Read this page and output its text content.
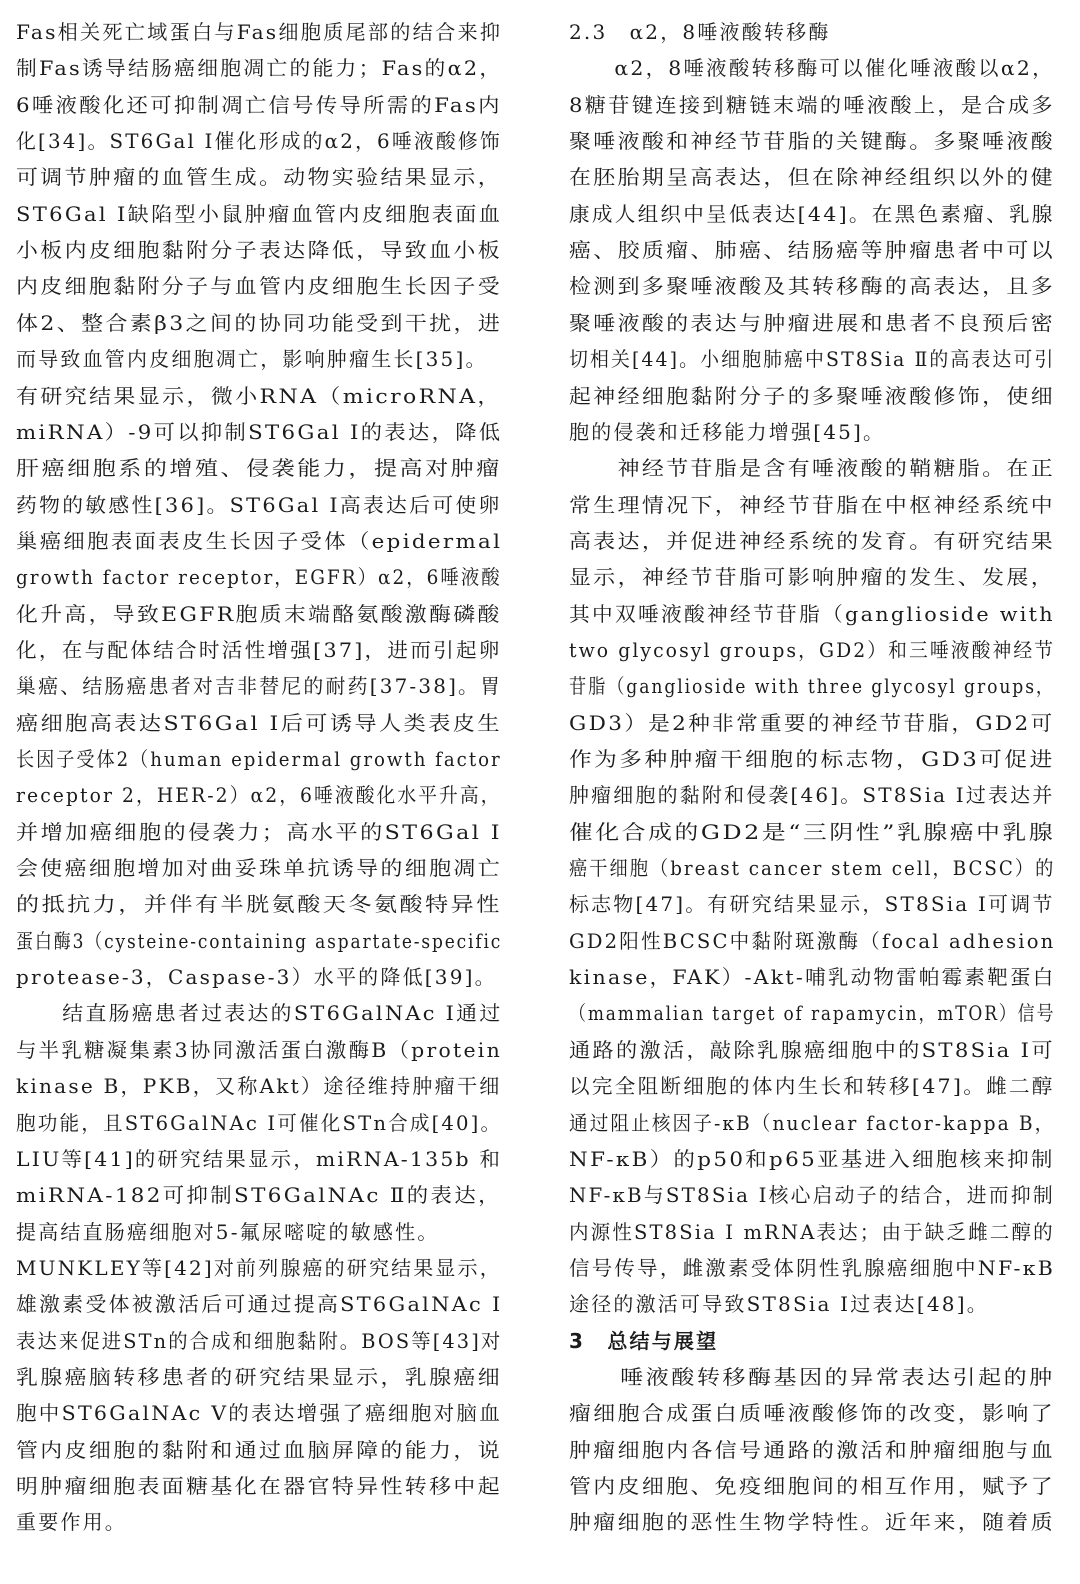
Fas相关死亡域蛋白与Fas细胞质尾部的结合来抑
制Fas诱导结肠癌细胞凋亡的能力；Fas的α2，
6唾液酸化还可抑制凋亡信号传导所需的Fas内
化[34]。ST6Gal Ⅰ催化形成的α2，6唾液酸修饰
可调节肿瘤的血管生成。动物实验结果显示，
ST6Gal Ⅰ缺陷型小鼠肿瘤血管内皮细胞表面血
小板内皮细胞黏附分子表达降低，导致血小板
内皮细胞黏附分子与血管内皮细胞生长因子受
体2、整合素β3之间的协同功能受到干扰，进
而导致血管内皮细胞凋亡，影响肿瘤生长[35]。
有研究结果显示，微小RNA（microRNA，
miRNA）-9可以抑制ST6Gal Ⅰ的表达，降低
肝癌细胞系的增殖、侵袭能力，提高对肿瘤
药物的敏感性[36]。ST6Gal Ⅰ高表达后可使卵
巢癌细胞表面表皮生长因子受体（epidermal
growth factor receptor，EGFR）α2，6唾液酸
化升高，导致EGFR胞质末端酪氨酸激酶磷酸
化，在与配体结合时活性增强[37]，进而引起卵
巢癌、结肠癌患者对吉非替尼的耐药[37-38]。胃
癌细胞高表达ST6Gal Ⅰ后可诱导人类表皮生
长因子受体2（human epidermal growth factor
receptor 2，HER-2）α2，6唾液酸化水平升高，
并增加癌细胞的侵袭力；高水平的ST6Gal Ⅰ
会使癌细胞增加对曲妥珠单抗诱导的细胞凋亡
的抵抗力，并伴有半胱氨酸天冬氨酸特异性
蛋白酶3（cysteine-containing aspartate-specific
protease-3，Caspase-3）水平的降低[39]。
　　结直肠癌患者过表达的ST6GalNAc Ⅰ通过
与半乳糖凝集素3协同激活蛋白激酶B（protein
kinase B，PKB，又称Akt）途径维持肿瘤干细
胞功能，且ST6GalNAc Ⅰ可催化STn合成[40]。
LIU等[41]的研究结果显示，miRNA-135b 和
miRNA-182可抑制ST6GalNAc Ⅱ的表达，
提高结直肠癌细胞对5-氟尿嘧啶的敏感性。
MUNKLEY等[42]对前列腺癌的研究结果显示，
雄激素受体被激活后可通过提高ST6GalNAc Ⅰ
表达来促进STn的合成和细胞黏附。BOS等[43]对
乳腺癌脑转移患者的研究结果显示，乳腺癌细
胞中ST6GalNAc Ⅴ的表达增强了癌细胞对脑血
管内皮细胞的黏附和通过血脑屏障的能力，说
明肿瘤细胞表面糖基化在器官特异性转移中起
重要作用。
2.3　α2，8唾液酸转移酶
　　α2，8唾液酸转移酶可以催化唾液酸以α2，
8糖苷键连接到糖链末端的唾液酸上，是合成多
聚唾液酸和神经节苷脂的关键酶。多聚唾液酸
在胚胎期呈高表达，但在除神经组织以外的健
康成人组织中呈低表达[44]。在黑色素瘤、乳腺
癌、胶质瘤、肺癌、结肠癌等肿瘤患者中可以
检测到多聚唾液酸及其转移酶的高表达，且多
聚唾液酸的表达与肿瘤进展和患者不良预后密
切相关[44]。小细胞肺癌中ST8Sia Ⅱ的高表达可引
起神经细胞黏附分子的多聚唾液酸修饰，使细
胞的侵袭和迁移能力增强[45]。
　　神经节苷脂是含有唾液酸的鞘糖脂。在正
常生理情况下，神经节苷脂在中枢神经系统中
高表达，并促进神经系统的发育。有研究结果
显示，神经节苷脂可影响肿瘤的发生、发展，
其中双唾液酸神经节苷脂（ganglioside with
two glycosyl groups，GD2）和三唾液酸神经节
苷脂（ganglioside with three glycosyl groups，
GD3）是2种非常重要的神经节苷脂，GD2可
作为多种肿瘤干细胞的标志物，GD3可促进
肿瘤细胞的黏附和侵袭[46]。ST8Sia Ⅰ过表达并
催化合成的GD2是“三阴性”乳腺癌中乳腺
癌干细胞（breast cancer stem cell，BCSC）的
标志物[47]。有研究结果显示，ST8Sia Ⅰ可调节
GD2阳性BCSC中黏附斑激酶（focal adhesion
kinase，FAK）-Akt-哺乳动物雷帕霉素靶蛋白
（mammalian target of rapamycin，mTOR）信号
通路的激活，敲除乳腺癌细胞中的ST8Sia Ⅰ可
以完全阻断细胞的体内生长和转移[47]。雌二醇
通过阻止核因子-κB（nuclear factor-kappa B，
NF-κB）的p50和p65亚基进入细胞核来抑制
NF-κB与ST8Sia Ⅰ核心启动子的结合，进而抑制
内源性ST8Sia Ⅰ mRNA表达；由于缺乏雌二醇的
信号传导，雌激素受体阴性乳腺癌细胞中NF-κB
途径的激活可导致ST8Sia Ⅰ过表达[48]。
3　总结与展望
　　唾液酸转移酶基因的异常表达引起的肿
瘤细胞合成蛋白质唾液酸修饰的改变，影响了
肿瘤细胞内各信号通路的激活和肿瘤细胞与血
管内皮细胞、免疫细胞间的相互作用，赋予了
肿瘤细胞的恶性生物学特性。近年来，随着质
